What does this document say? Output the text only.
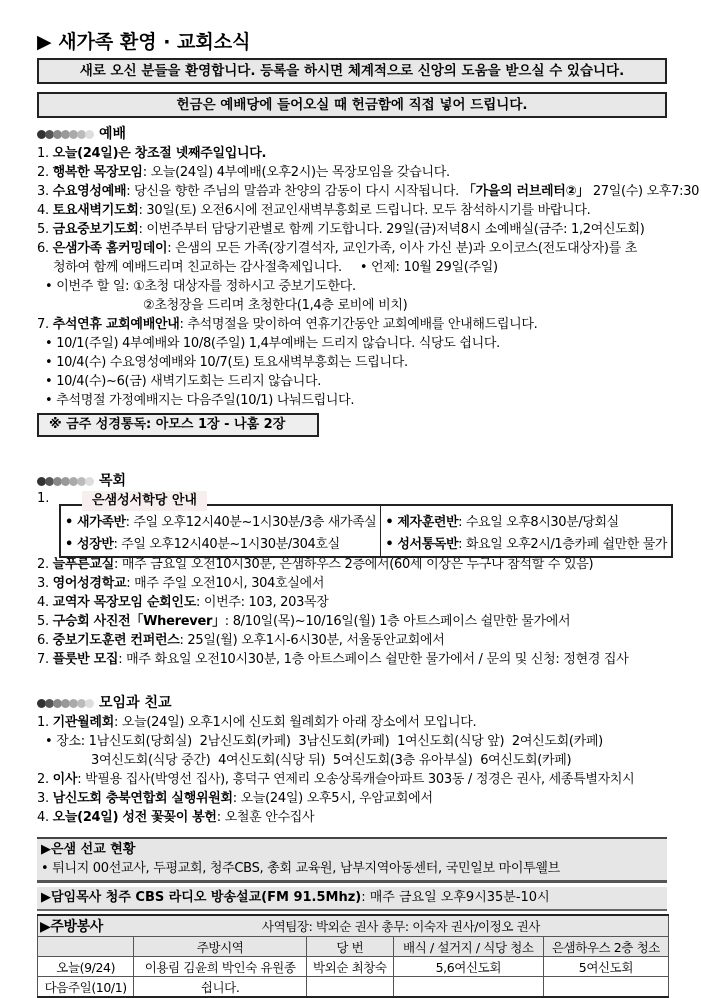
▶ 새가족 환영 · 교회소식
새로 오신 분들을 환영합니다. 등록을 하시면 체계적으로 신앙의 도움을 받으실 수 있습니다.
헌금은 예배당에 들어오실 때 헌금함에 직접 넣어 드립니다.
예배
1. 오늘(24일)은 창조절 넷째주일입니다.
2. 행복한 목장모임: 오늘(24일) 4부예배(오후2시)는 목장모임을 갖습니다.
3. 수요영성예배: 당신을 향한 주님의 말씀과 찬양의 감동이 다시 시작됩니다. 「가을의 러브레터②」 27일(수) 오후7:30
4. 토요새벽기도회: 30일(토) 오전6시에 전교인새벽부흥회로 드립니다. 모두 참석하시기를 바랍니다.
5. 금요중보기도회: 이번주부터 담당기관별로 함께 기도합니다. 29일(금)저녁8시 소예배실(금주: 1,2여신도회)
6. 은샘가족 홈커밍데이: 은샘의 모든 가족(장기결석자, 교인가족, 이사 가신 분)과 오이코스(전도대상자)를 초
청하여 함께 예배드리며 친교하는 감사절축제입니다. • 언제: 10월 29일(주일)
• 이번주 할 일: ①초청 대상자를 정하시고 중보기도한다.
②초청장을 드리며 초청한다(1,4층 로비에 비치)
7. 추석연휴 교회예배안내: 추석명절을 맞이하여 연휴기간동안 교회예배를 안내해드립니다.
• 10/1(주일) 4부예배와 10/8(주일) 1,4부예배는 드리지 않습니다. 식당도 쉽니다.
• 10/4(수) 수요영성예배와 10/7(토) 토요새벽부흥회는 드립니다.
• 10/4(수)~6(금) 새벽기도회는 드리지 않습니다.
• 추석명절 가정예배지는 다음주일(10/1) 나눠드립니다.
※ 금주 성경통독: 아모스 1장 - 나훔 2장
목회
1.	은샘성서학당 안내
• 새가족반: 주일 오후12시40분~1시30분/3층 새가족실	• 제자훈련반: 수요일 오후8시30분/당회실
• 성장반: 주일 오후12시40분~1시30분/304호실	• 성서통독반: 화요일 오후2시/1층카페 쉴만한 물가
2. 늘푸른교실: 매주 금요일 오전10시30분, 은샘하우스 2층에서(60세 이상은 누구나 참석할 수 있음)
3. 영어성경학교: 매주 주일 오전10시, 304호실에서
4. 교역자 목장모임 순회인도: 이번주: 103, 203목장
5. 구승회 사진전「Wherever」: 8/10일(목)~10/16일(월) 1층 아트스페이스 쉴만한 물가에서
6. 중보기도훈련 컨퍼런스: 25일(월) 오후1시-6시30분, 서울동안교회에서
7. 플룻반 모집: 매주 화요일 오전10시30분, 1층 아트스페이스 쉴만한 물가에서 / 문의 및 신청: 정현경 집사
모임과 친교
1. 기관월례회: 오늘(24일) 오후1시에 신도회 월례회가 아래 장소에서 모입니다.
• 장소: 1남신도회(당회실)  2남신도회(카페)  3남신도회(카페)  1여신도회(식당 앞)  2여신도회(카페)
3여신도회(식당 중간)  4여신도회(식당 뒤)  5여신도회(3층 유아부실)  6여신도회(카페)
2. 이사: 박필용 집사(박영선 집사), 흥덕구 연제리 오송상록캐슬아파트 303동 / 정경은 권사, 세종특별자치시
3. 남신도회 충북연합회 실행위원회: 오늘(24일) 오후5시, 우암교회에서
4. 오늘(24일) 성전 꽃꽂이 봉헌: 오철훈 안수집사
▶은샘 선교 현황
• 튀니지 00선교사, 두평교회, 청주CBS, 총회 교육원, 남부지역아동센터, 국민일보 마이투웰브
▶담임목사 청주 CBS 라디오 방송설교(FM 91.5Mhz): 매주 금요일 오후9시35분-10시
▶주방봉사	사역팀장: 박외순 권사 총무: 이숙자 권사/이정오 권사			
	주방시역	당 번	배식 / 설거지 / 식당 청소	은샘하우스 2층 청소
오늘(9/24)	이용림 김윤희 박인숙 유원종	박외순 최창숙	5,6여신도회	5여신도회
다음주일(10/1)	쉽니다.			
